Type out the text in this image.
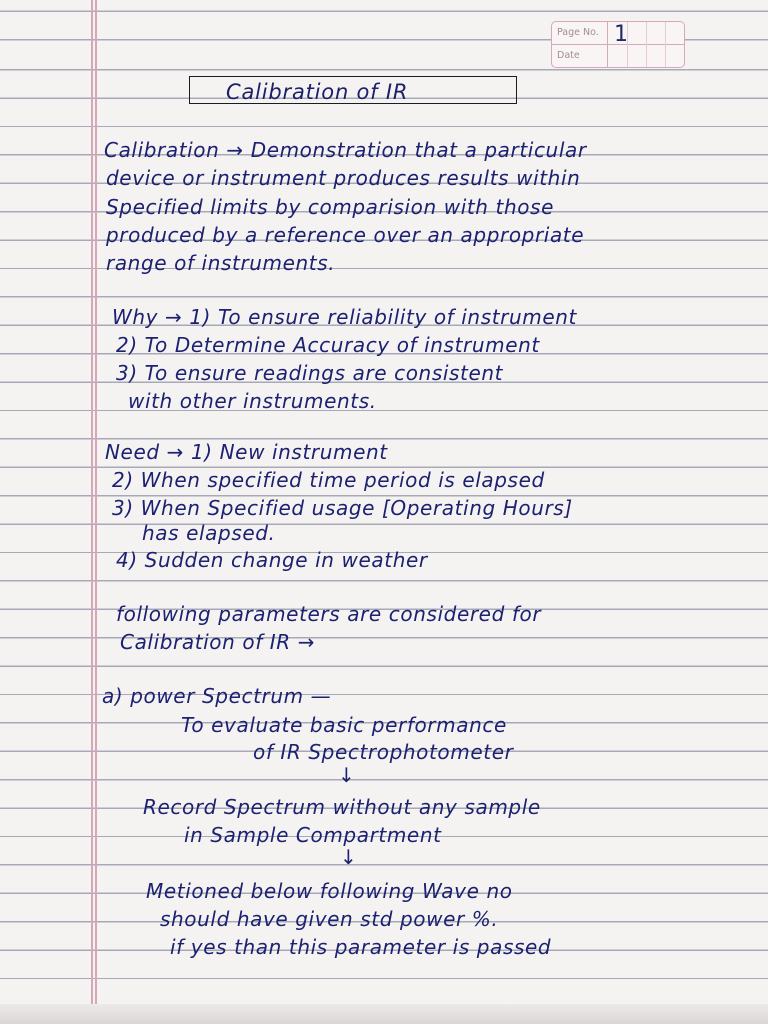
Page No.
Date
1
Calibration of IR
Calibration → Demonstration that a particular
device or instrument produces results within
Specified limits by comparision with those
produced by a reference over an appropriate
range of instruments.
Why → 1) To ensure reliability of instrument
2) To Determine Accuracy of instrument
3) To ensure readings are consistent
with other instruments.
Need → 1) New instrument
2) When specified time period is elapsed
3) When Specified usage [Operating Hours]
has elapsed.
4) Sudden change in weather
following parameters are considered for
Calibration of IR →
a) power Spectrum —
To evaluate basic performance
of IR Spectrophotometer
↓
Record Spectrum without any sample
in Sample Compartment
↓
Metioned below following Wave no
should have given std power %.
if yes than this parameter is passed
